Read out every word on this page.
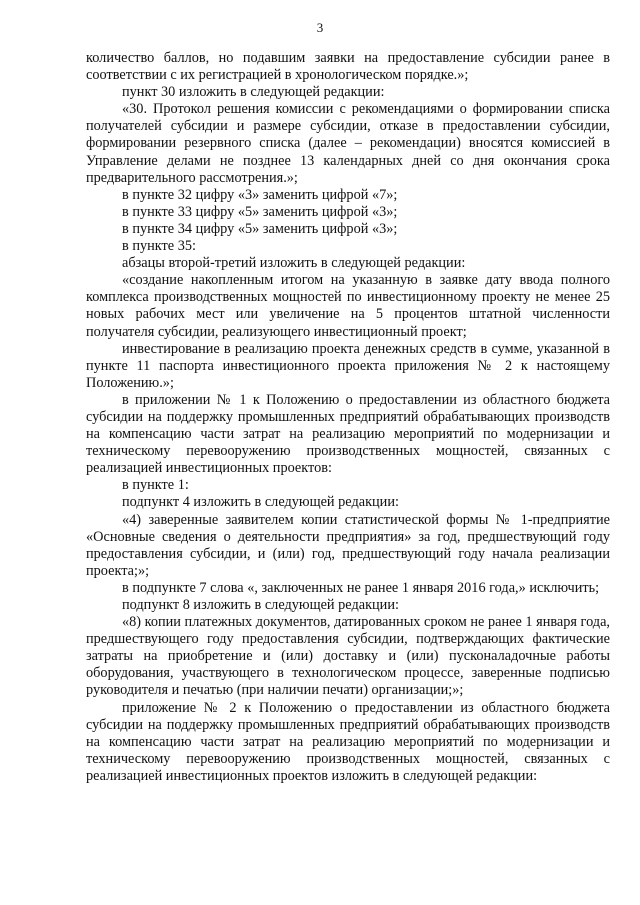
3

количество баллов, но подавшим заявки на предоставление субсидии ранее в соответствии с их регистрацией в хронологическом порядке.»;

пункт 30 изложить в следующей редакции:

«30. Протокол решения комиссии с рекомендациями о формировании списка получателей субсидии и размере субсидии, отказе в предоставлении субсидии, формировании резервного списка (далее – рекомендации) вносятся комиссией в Управление делами не позднее 13 календарных дней со дня окончания срока предварительного рассмотрения.»;

в пункте 32 цифру «3» заменить цифрой «7»;

в пункте 33 цифру «5» заменить цифрой «3»;

в пункте 34 цифру «5» заменить цифрой «3»;

в пункте 35:

абзацы второй-третий изложить в следующей редакции:

«создание накопленным итогом на указанную в заявке дату ввода полного комплекса производственных мощностей по инвестиционному проекту не менее 25 новых рабочих мест или увеличение на 5 процентов штатной численности получателя субсидии, реализующего инвестиционный проект;

инвестирование в реализацию проекта денежных средств в сумме, указанной в пункте 11 паспорта инвестиционного проекта приложения № 2 к настоящему Положению.»;

в приложении № 1 к Положению о предоставлении из областного бюджета субсидии на поддержку промышленных предприятий обрабатывающих производств на компенсацию части затрат на реализацию мероприятий по модернизации и техническому перевооружению производственных мощностей, связанных с реализацией инвестиционных проектов:

в пункте 1:

подпункт 4 изложить в следующей редакции:

«4) заверенные заявителем копии статистической формы № 1-предприятие «Основные сведения о деятельности предприятия» за год, предшествующий году предоставления субсидии, и (или) год, предшествующий году начала реализации проекта;»;

в подпункте 7 слова «, заключенных не ранее 1 января 2016 года,» исключить;

подпункт 8 изложить в следующей редакции:

«8) копии платежных документов, датированных сроком не ранее 1 января года, предшествующего году предоставления субсидии, подтверждающих фактические затраты на приобретение и (или) доставку и (или) пусконаладочные работы оборудования, участвующего в технологическом процессе, заверенные подписью руководителя и печатью (при наличии печати) организации;»;

приложение № 2 к Положению о предоставлении из областного бюджета субсидии на поддержку промышленных предприятий обрабатывающих производств на компенсацию части затрат на реализацию мероприятий по модернизации и техническому перевооружению производственных мощностей, связанных с реализацией инвестиционных проектов изложить в следующей редакции:
